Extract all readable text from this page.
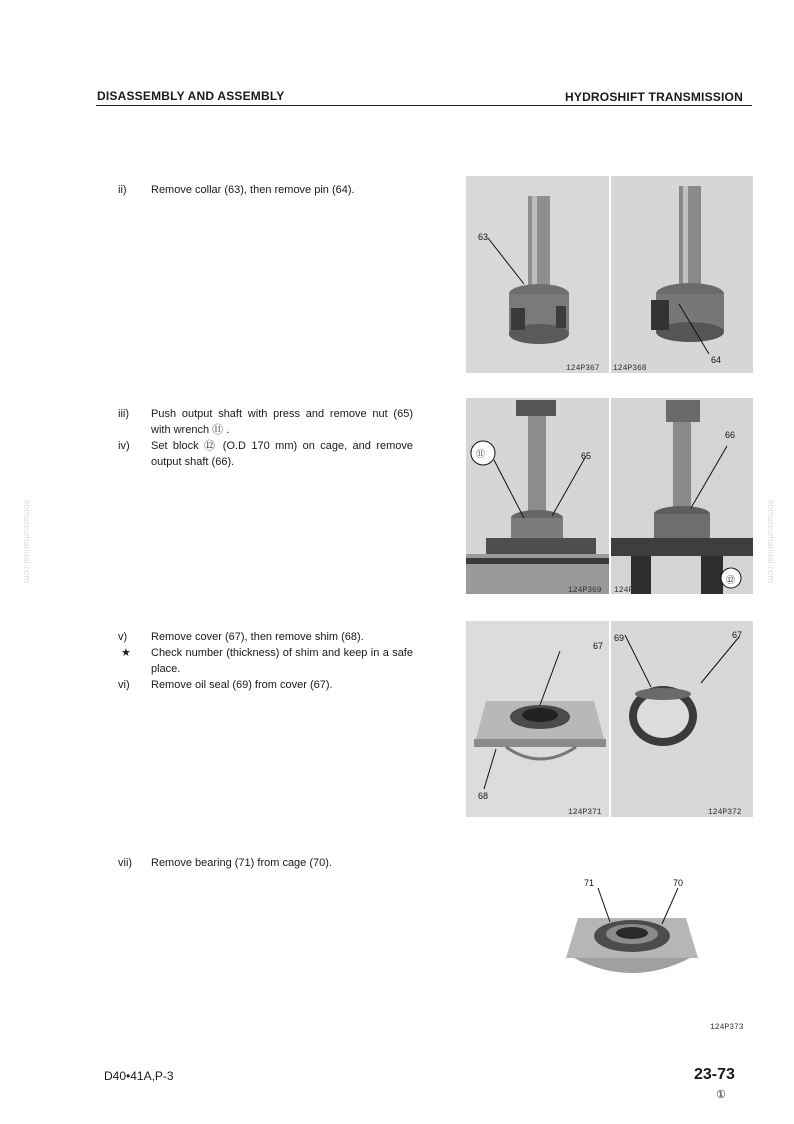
DISASSEMBLY AND ASSEMBLY	HYDROSHIFT TRANSMISSION
komatsumanual.com	komatsumanual.com
ii)	Remove collar (63), then remove pin (64).
iii)	Push output shaft with press and remove nut (65) with wrench ⑪ .
iv)	Set block ⑫ (O.D 170 mm) on cage, and remove output shaft (66).
v)	Remove cover (67), then remove shim (68).
★	Check number (thickness) of shim and keep in a safe place.
vi)	Remove oil seal (69) from cover (67).
vii)	Remove bearing (71) from cage (70).
63
124P367
64
124P368
⑪	65
124P369
66
⑫
124P370
67
68
124P371
69	67
124P372
71	70
124P373
D40•41A,P-3	23-73
①
